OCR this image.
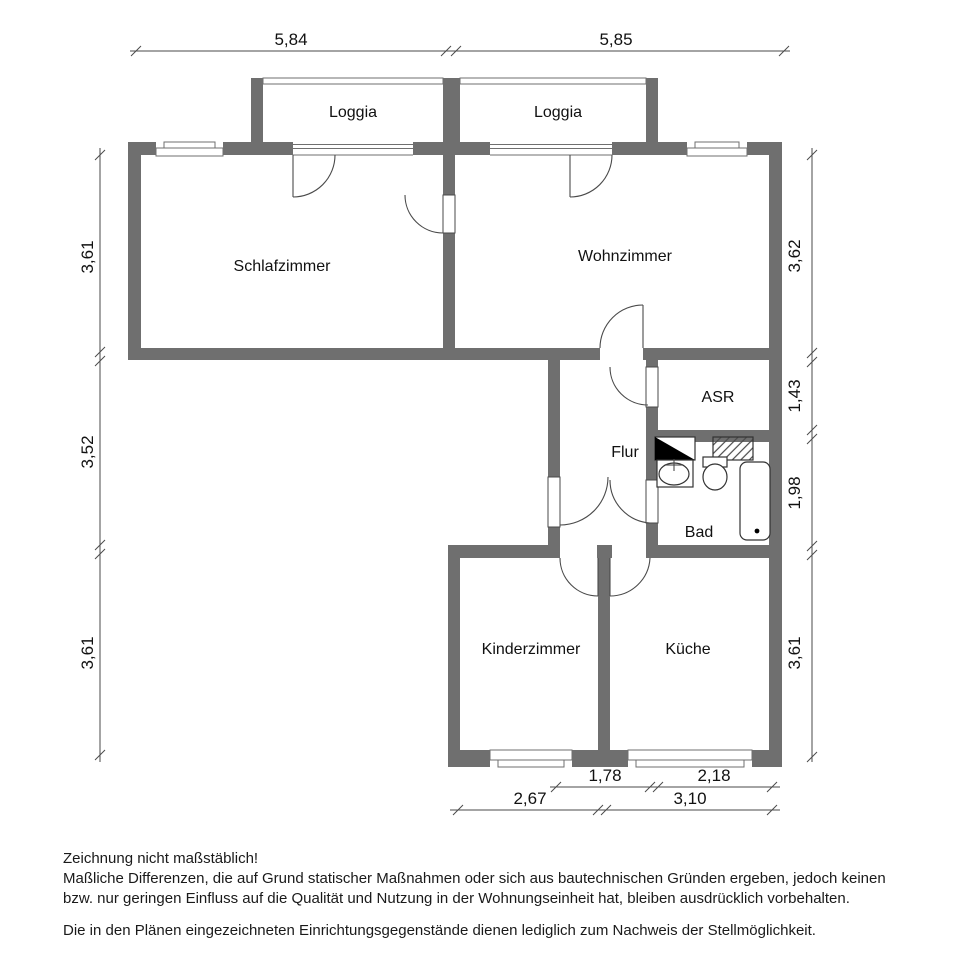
Loggia	Loggia
Schlafzimmer
Wohnzimmer
ASR
Flur
Bad
Kinderzimmer	Küche
5,84	5,85
3,61
3,52
3,61
3,62
1,43
1,98
3,61
1,78	2,18
2,67	3,10
Zeichnung nicht maßstäblich!
Maßliche Differenzen, die auf Grund statischer Maßnahmen oder sich aus bautechnischen Gründen ergeben, jedoch keinen
bzw. nur geringen Einfluss auf die Qualität und Nutzung in der Wohnungseinheit hat, bleiben ausdrücklich vorbehalten.
Die in den Plänen eingezeichneten Einrichtungsgegenstände dienen lediglich zum Nachweis der Stellmöglichkeit.
